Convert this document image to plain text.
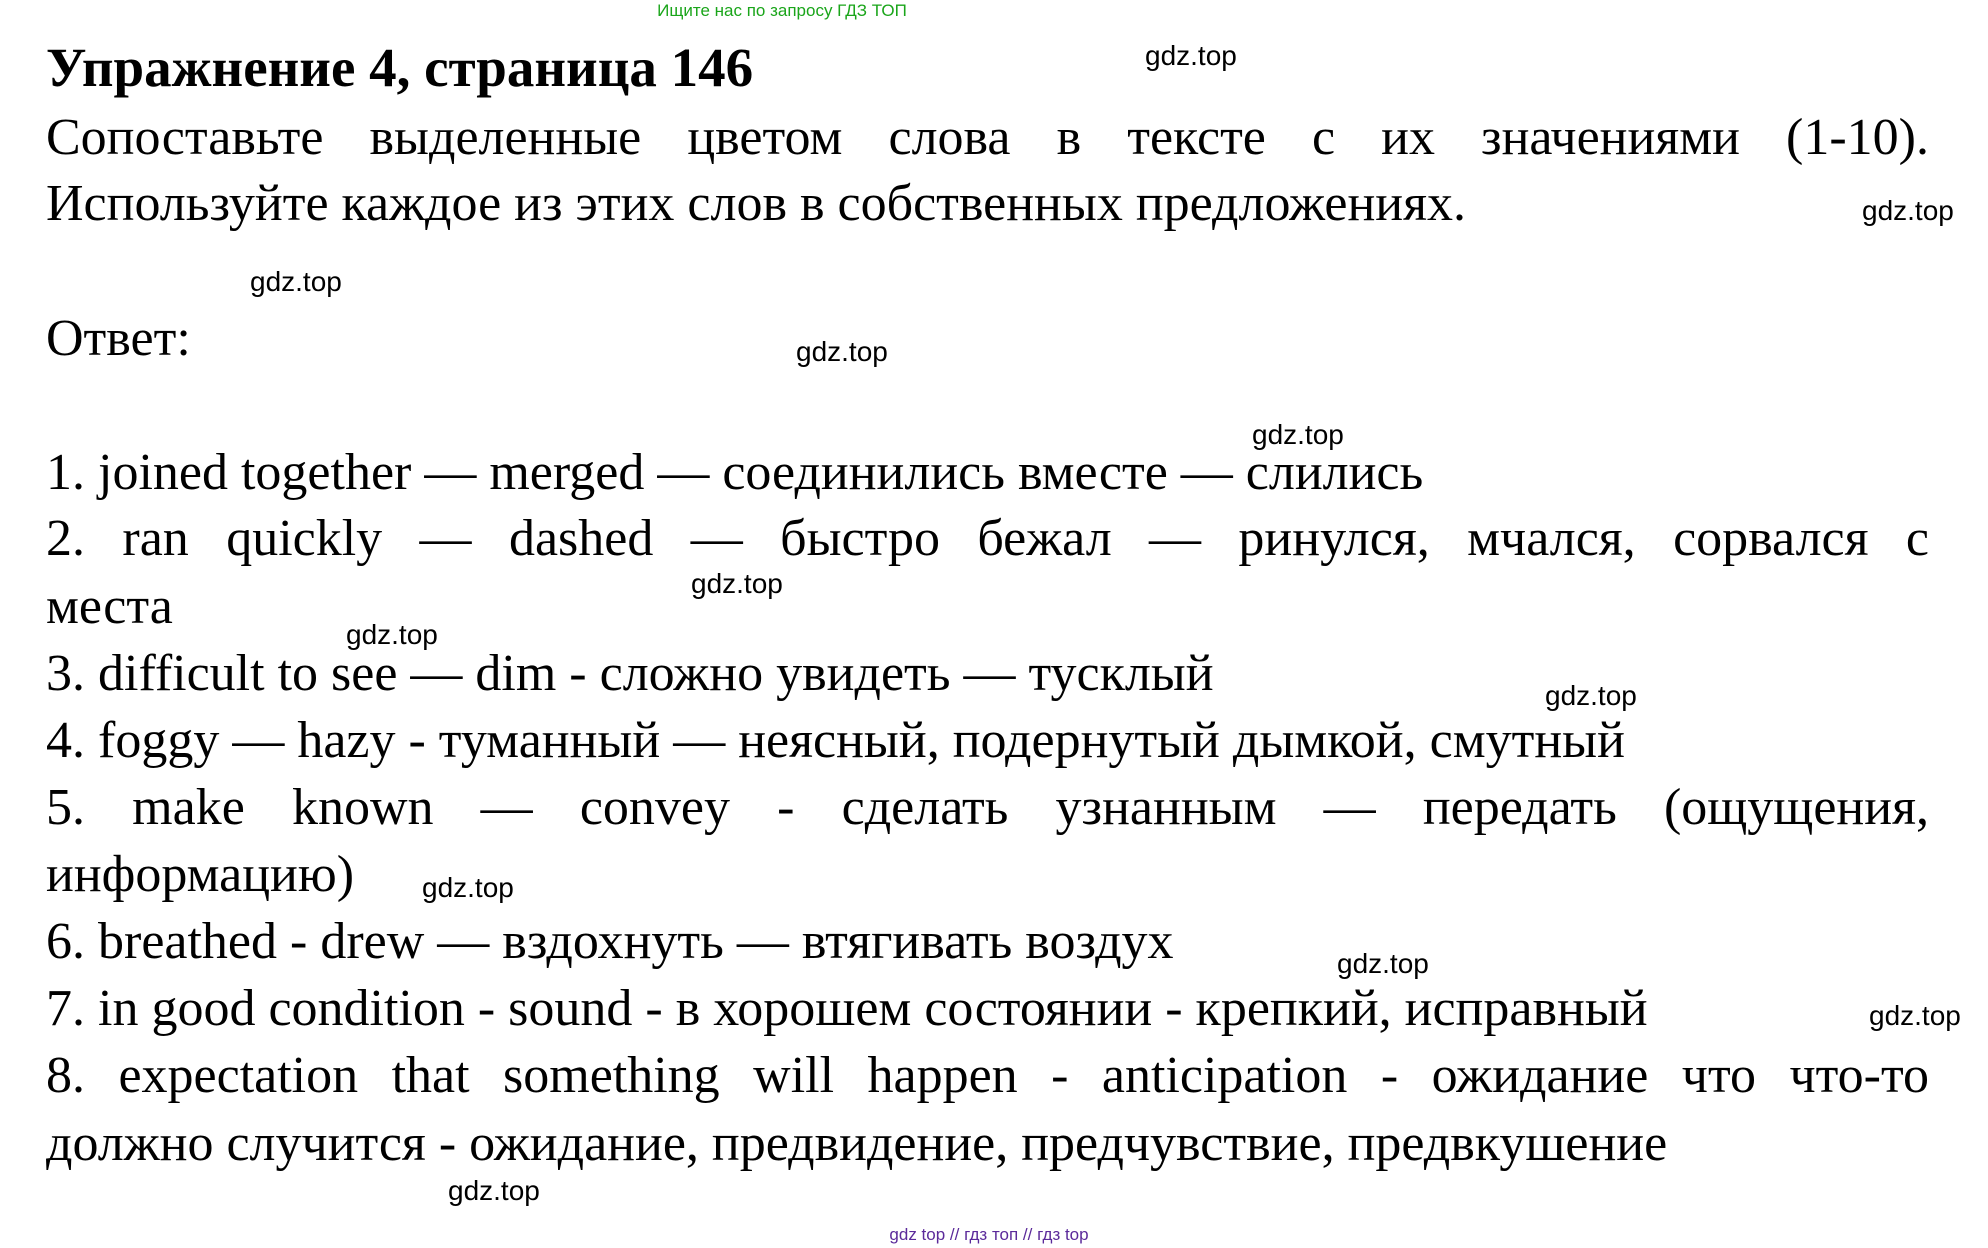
Ищите нас по запросу ГДЗ ТОП
Упражнение 4, страница 146
Сопоставьте выделенные цветом слова в тексте с их значениями (1-10).
Используйте каждое из этих слов в собственных предложениях.
Ответ:
1. joined together — merged — соединились вместе — слились
2. ran quickly — dashed — быстро бежал — ринулся, мчался, сорвался с
места
3. difficult to see — dim - сложно увидеть — тусклый
4. foggy — hazy - туманный — неясный, подернутый дымкой, смутный
5. make known — convey - сделать узнанным — передать (ощущения,
информацию)
6. breathed - drew — вздохнуть — втягивать воздух
7. in good condition - sound - в хорошем состоянии - крепкий, исправный
8. expectation that something will happen - anticipation - ожидание что что-то
должно случится - ожидание, предвидение, предчувствие, предвкушение
gdz.top
gdz.top
gdz.top
gdz.top
gdz.top
gdz.top
gdz.top
gdz.top
gdz.top
gdz.top
gdz.top
gdz.top
gdz top // гдз топ // гдз top
